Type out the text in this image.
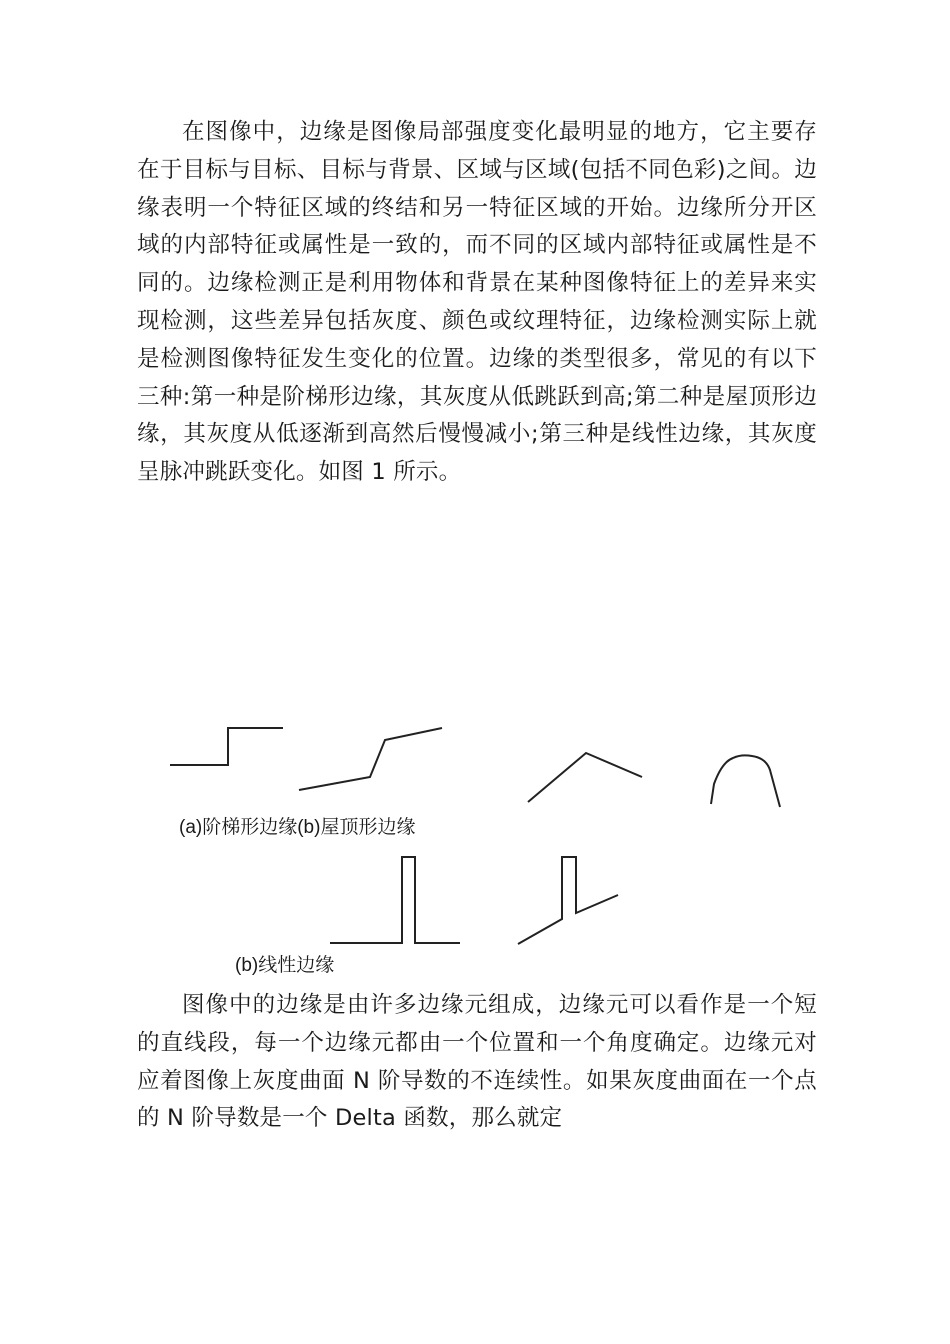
在图像中，边缘是图像局部强度变化最明显的地方，它主要存在于目标与目标、目标与背景、区域与区域(包括不同色彩)之间。边缘表明一个特征区域的终结和另一特征区域的开始。边缘所分开区域的内部特征或属性是一致的，而不同的区域内部特征或属性是不同的。边缘检测正是利用物体和背景在某种图像特征上的差异来实现检测，这些差异包括灰度、颜色或纹理特征，边缘检测实际上就是检测图像特征发生变化的位置。边缘的类型很多，常见的有以下三种:第一种是阶梯形边缘，其灰度从低跳跃到高;第二种是屋顶形边缘，其灰度从低逐渐到高然后慢慢减小;第三种是线性边缘，其灰度呈脉冲跳跃变化。如图 1 所示。

(a)阶梯形边缘(b)屋顶形边缘
(b)线性边缘

图像中的边缘是由许多边缘元组成，边缘元可以看作是一个短的直线段，每一个边缘元都由一个位置和一个角度确定。边缘元对应着图像上灰度曲面 N 阶导数的不连续性。如果灰度曲面在一个点的 N 阶导数是一个 Delta 函数，那么就定
